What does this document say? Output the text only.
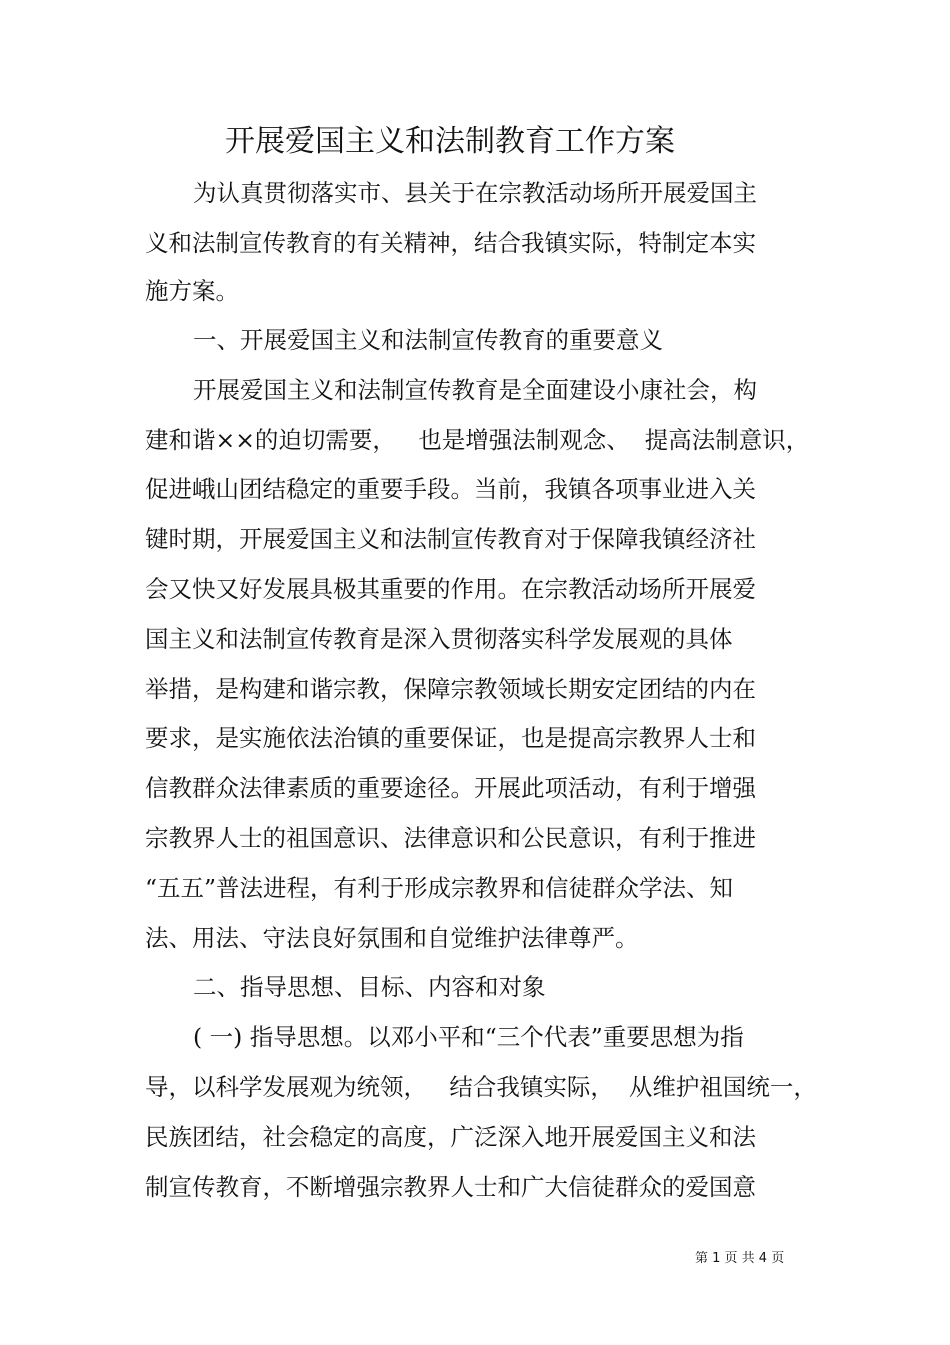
开展爱国主义和法制教育工作方案
为认真贯彻落实市、县关于在宗教活动场所开展爱国主
义和法制宣传教育的有关精神，结合我镇实际，特制定本实
施方案。
一、开展爱国主义和法制宣传教育的重要意义
开展爱国主义和法制宣传教育是全面建设小康社会，构
建和谐××的迫切需要，   也是增强法制观念、  提高法制意识，
促进峨山团结稳定的重要手段。当前，我镇各项事业进入关
键时期，开展爱国主义和法制宣传教育对于保障我镇经济社
会又快又好发展具极其重要的作用。在宗教活动场所开展爱
国主义和法制宣传教育是深入贯彻落实科学发展观的具体
举措，是构建和谐宗教，保障宗教领域长期安定团结的内在
要求，是实施依法治镇的重要保证，也是提高宗教界人士和
信教群众法律素质的重要途径。开展此项活动，有利于增强
宗教界人士的祖国意识、法律意识和公民意识，有利于推进
“五五”普法进程，有利于形成宗教界和信徒群众学法、知
法、用法、守法良好氛围和自觉维护法律尊严。
二、指导思想、目标、内容和对象
( 一) 指导思想。以邓小平和“三个代表”重要思想为指
导，以科学发展观为统领，   结合我镇实际，  从维护祖国统一，
民族团结，社会稳定的高度，广泛深入地开展爱国主义和法
制宣传教育，不断增强宗教界人士和广大信徒群众的爱国意
第 1 页 共 4 页
